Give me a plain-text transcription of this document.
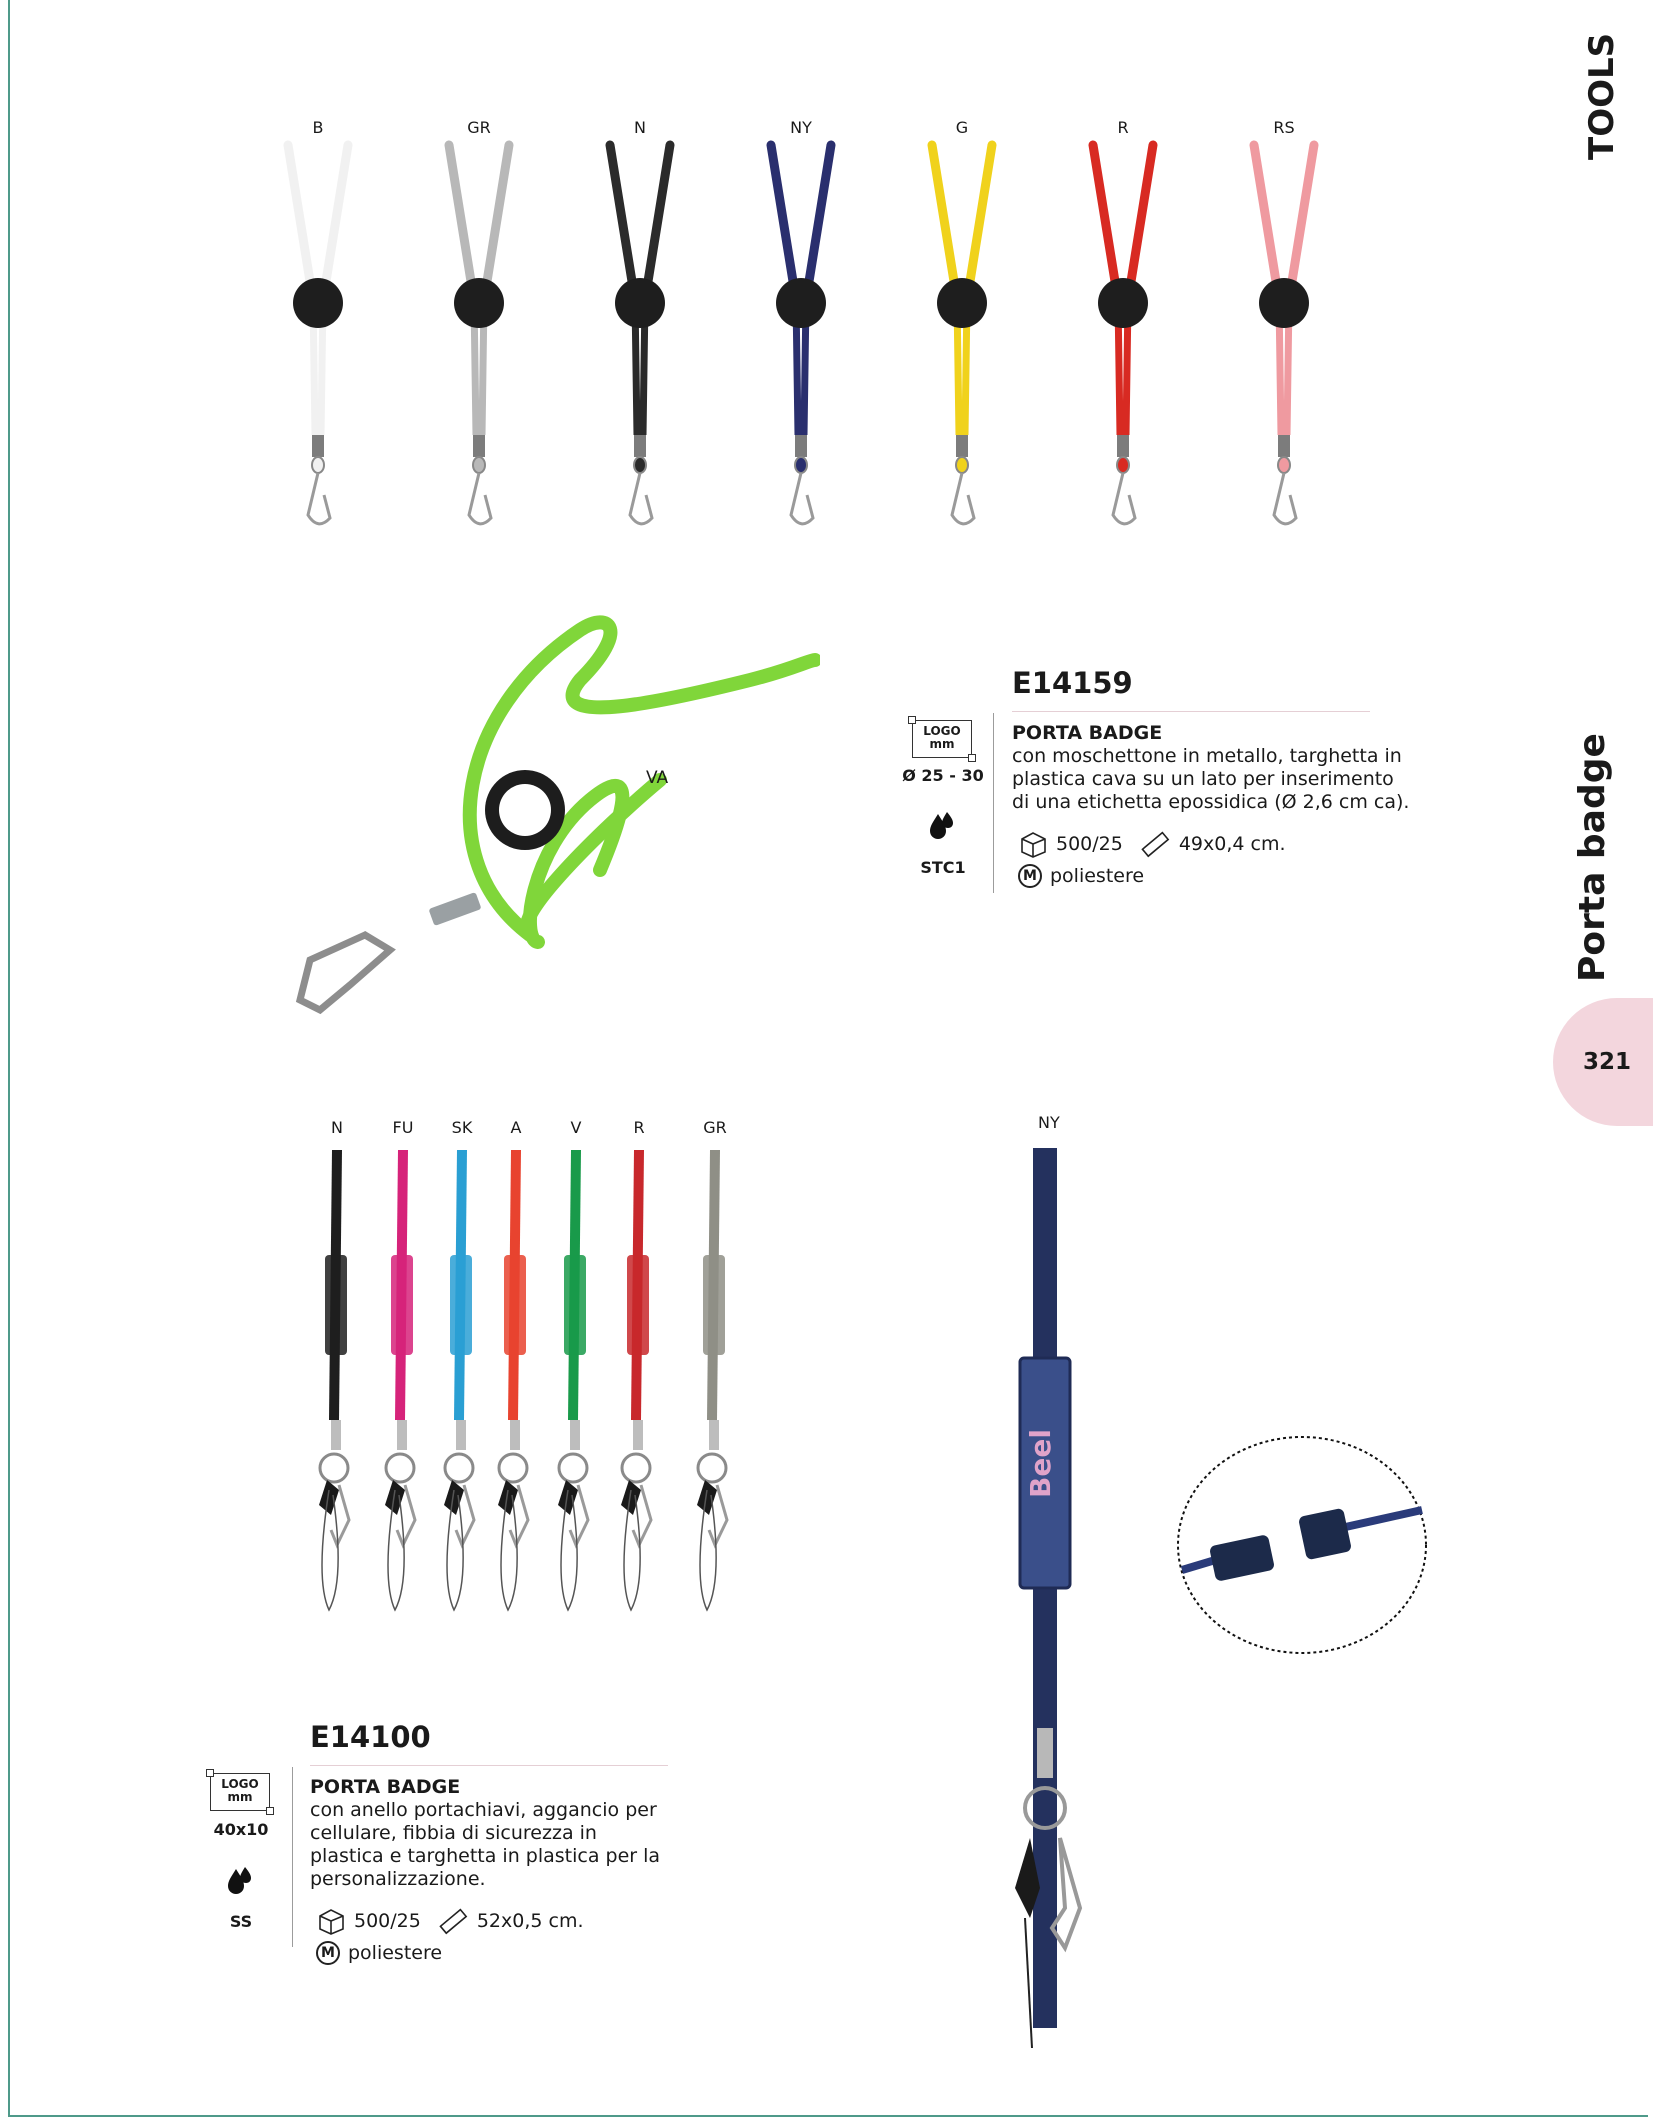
TOOLS
Porta badge
321
B	GR	N	NY	G	R	RS
VA
E14159
LOGO
mm
Ø 25 - 30
STC1
PORTA BADGE
con moschettone in metallo, targhetta in plastica cava su un lato per inserimento di una etichetta epossidica (Ø 2,6 cm ca).
500/25	49x0,4 cm.
M poliestere
N	FU	SK	A	V	R	GR	NY
Beel
E14100
LOGO
mm
40x10
SS
PORTA BADGE
con anello portachiavi, aggancio per cellulare, fibbia di sicurezza in plastica e targhetta in plastica per la personalizzazione.
500/25	52x0,5 cm.
M poliestere
